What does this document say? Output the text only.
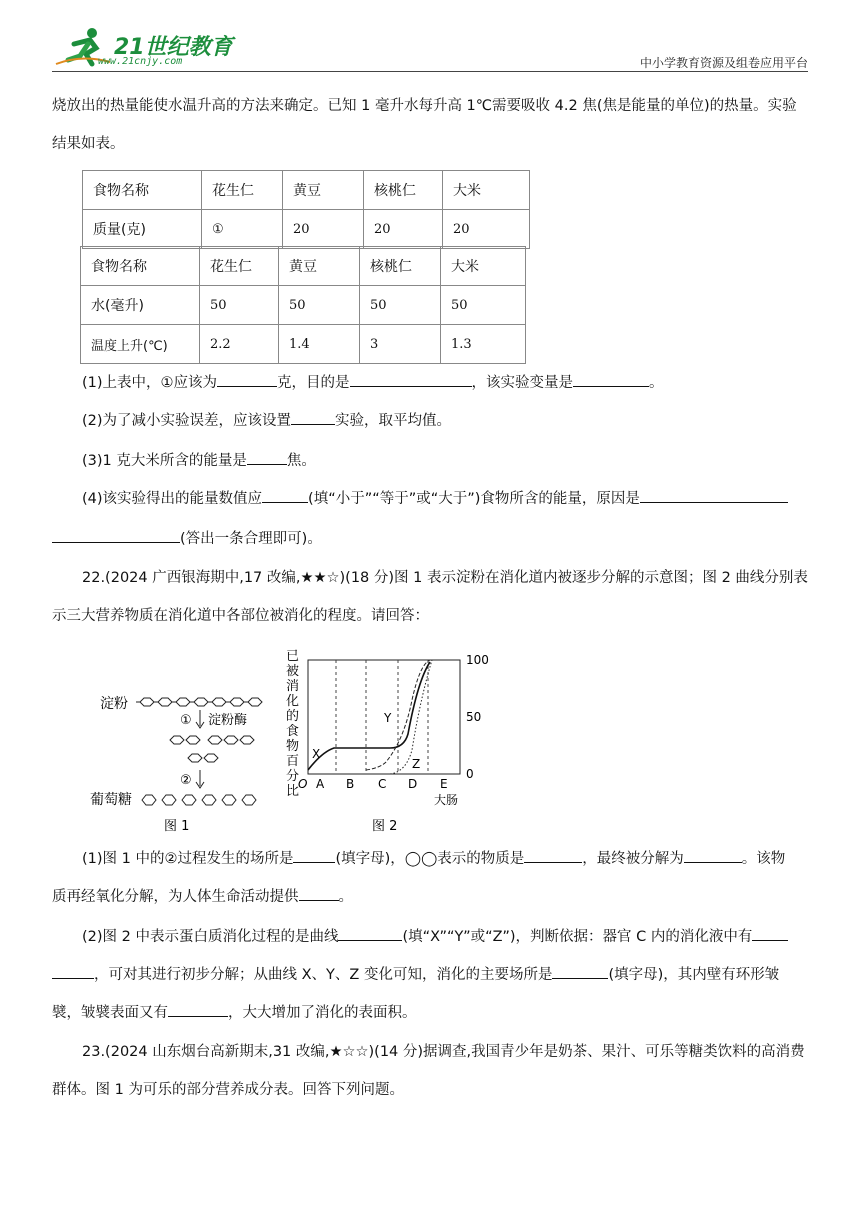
21世纪教育
www.21cnjy.com	中小学教育资源及组卷应用平台
烧放出的热量能使水温升高的方法来确定。已知 1 毫升水每升高 1℃需要吸收 4.2 焦(焦是能量的单位)的热量。实验
结果如表。
食物名称	花生仁	黄豆	核桃仁	大米
质量(克)	①	20	20	20
食物名称	花生仁	黄豆	核桃仁	大米
水(毫升)	50	50	50	50
温度上升(℃)	2.2	1.4	3	1.3
(1)上表中，①应该为	克，目的是	，该实验变量是	。
(2)为了减小实验误差，应该设置	实验，取平均值。
(3)1 克大米所含的能量是	焦。
(4)该实验得出的能量数值应	(填“小于”“等于”或“大于”)食物所含的能量，原因是
(答出一条合理即可)。
22.(2024 广西银海期中,17 改编,★★☆)(18 分)图 1 表示淀粉在消化道内被逐步分解的示意图；图 2 曲线分别表
示三大营养物质在消化道中各部位被消化的程度。请回答：
淀粉
① 淀粉酶
②
葡萄糖
图 1
已 被 消 化 的 食 物 百 分 比
X
Y
Z
100
50
0
O A B C D E
大肠
图 2
(1)图 1 中的②过程发生的场所是	(填字母)，◯◯表示的物质是	，最终被分解为	。该物
质再经氧化分解，为人体生命活动提供	。
(2)图 2 中表示蛋白质消化过程的是曲线	(填“X”“Y”或“Z”)，判断依据：器官 C 内的消化液中有
，可对其进行初步分解；从曲线 X、Y、Z 变化可知，消化的主要场所是	(填字母)，其内壁有环形皱
襞，皱襞表面又有	，大大增加了消化的表面积。
23.(2024 山东烟台高新期末,31 改编,★☆☆)(14 分)据调查,我国青少年是奶茶、果汁、可乐等糖类饮料的高消费
群体。图 1 为可乐的部分营养成分表。回答下列问题。
